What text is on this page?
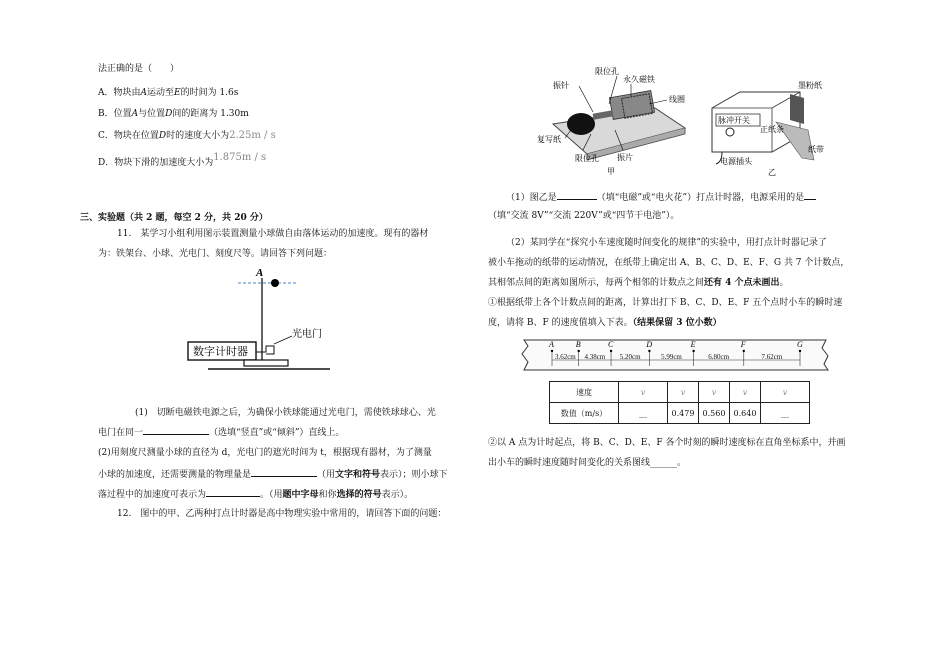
法正确的是（　　）
A．物块由A运动至E的时间为 1.6s
B．位置A与位置D间的距离为 1.30m
C．物块在位置D时的速度大小为2.25m / s
D．物块下滑的加速度大小为1.875m / s
三、实验题（共 2 题，每空 2 分，共 20 分）
11.　某学习小组利用图示装置测量小球做自由落体运动的加速度。现有的器材
为：铁架台、小球、光电门、刻度尺等。请回答下列问题：
A
数字计时器
光电门
(1)　切断电磁铁电源之后，为确保小铁球能通过光电门，需使铁球球心、光
电门在同一	（选填“竖直”或“倾斜”）直线上。
(2)用刻度尺测量小球的直径为 d，光电门的遮光时间为 t，根据现有器材，为了测量
小球的加速度，还需要测量的物理量是	（用文字和符号表示）；则小球下
落过程中的加速度可表示为	。（用题中字母和你选择的符号表示）。
12.　图中的甲、乙两种打点计时器是高中物理实验中常用的，请回答下面的问题：
限位孔
永久磁铁
振针
线圈
复写纸
限位孔 振片
甲
墨粉纸
脉冲开关
正纸条
纸带
电源插头
乙
（1）图乙是	（填“电磁”或“电火花”）打点计时器，电源采用的是
（填“交流 8V”“交流 220V”或“四节干电池”）。
（2）某同学在“探究小车速度随时间变化的规律”的实验中，用打点计时器记录了
被小车拖动的纸带的运动情况，在纸带上确定出 A、B、C、D、E、F、G 共 7 个计数点，
其相邻点间的距离如图所示，每两个相邻的计数点之间还有 4 个点未画出。
①根据纸带上各个计数点间的距离，计算出打下 B、C、D、E、F 五个点时小车的瞬时速
度，请将 B、F 的速度值填入下表。（结果保留 3 位小数）
A	B	C	D	E	F	G
3.62cm 4.38cm 5.20cm	5.99cm	6.80cm	7.62cm
速度	v	v	v	v	v
数值（m/s）	__	0.479	0.560	0.640	__
②以 A 点为计时起点，将 B、C、D、E、F 各个时刻的瞬时速度标在直角坐标系中，并画
出小车的瞬时速度随时间变化的关系图线______。
